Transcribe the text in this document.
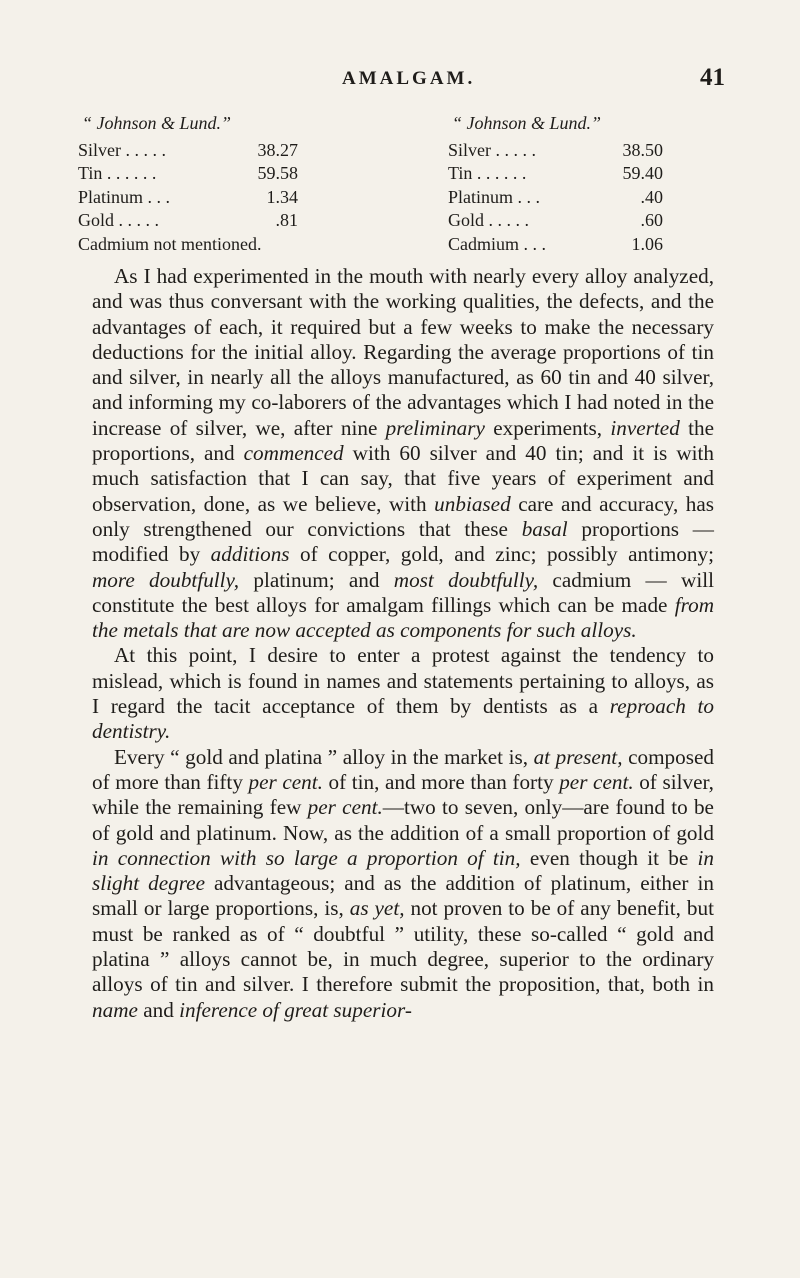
AMALGAM.	41
“ Johnson & Lund.”
Silver . . . . .	38.27
Tin . . . . . .	59.58
Platinum . . .	1.34
Gold . . . . .	.81
Cadmium not mentioned.
“ Johnson & Lund.”
Silver . . . . .	38.50
Tin . . . . . .	59.40
Platinum . . .	.40
Gold . . . . .	.60
Cadmium . . .	1.06

As I had experimented in the mouth with nearly every alloy analyzed, and was thus conversant with the working qualities, the defects, and the advantages of each, it required but a few weeks to make the necessary deductions for the initial alloy. Regarding the average proportions of tin and silver, in nearly all the alloys manufactured, as 60 tin and 40 silver, and informing my co-laborers of the advantages which I had noted in the increase of silver, we, after nine preliminary experiments, inverted the proportions, and commenced with 60 silver and 40 tin; and it is with much satisfaction that I can say, that five years of experiment and observation, done, as we believe, with unbiased care and accuracy, has only strengthened our convictions that these basal proportions — modified by additions of copper, gold, and zinc; possibly antimony; more doubtfully, platinum; and most doubtfully, cadmium — will constitute the best alloys for amalgam fillings which can be made from the metals that are now accepted as components for such alloys.

At this point, I desire to enter a protest against the tendency to mislead, which is found in names and statements pertaining to alloys, as I regard the tacit acceptance of them by dentists as a reproach to dentistry.

Every “ gold and platina ” alloy in the market is, at present, composed of more than fifty per cent. of tin, and more than forty per cent. of silver, while the remaining few per cent.—two to seven, only—are found to be of gold and platinum. Now, as the addition of a small proportion of gold in connection with so large a proportion of tin, even though it be in slight degree advantageous; and as the addition of platinum, either in small or large proportions, is, as yet, not proven to be of any benefit, but must be ranked as of “ doubtful ” utility, these so-called “ gold and platina ” alloys cannot be, in much degree, superior to the ordinary alloys of tin and silver. I therefore submit the proposition, that, both in name and inference of great superior-
